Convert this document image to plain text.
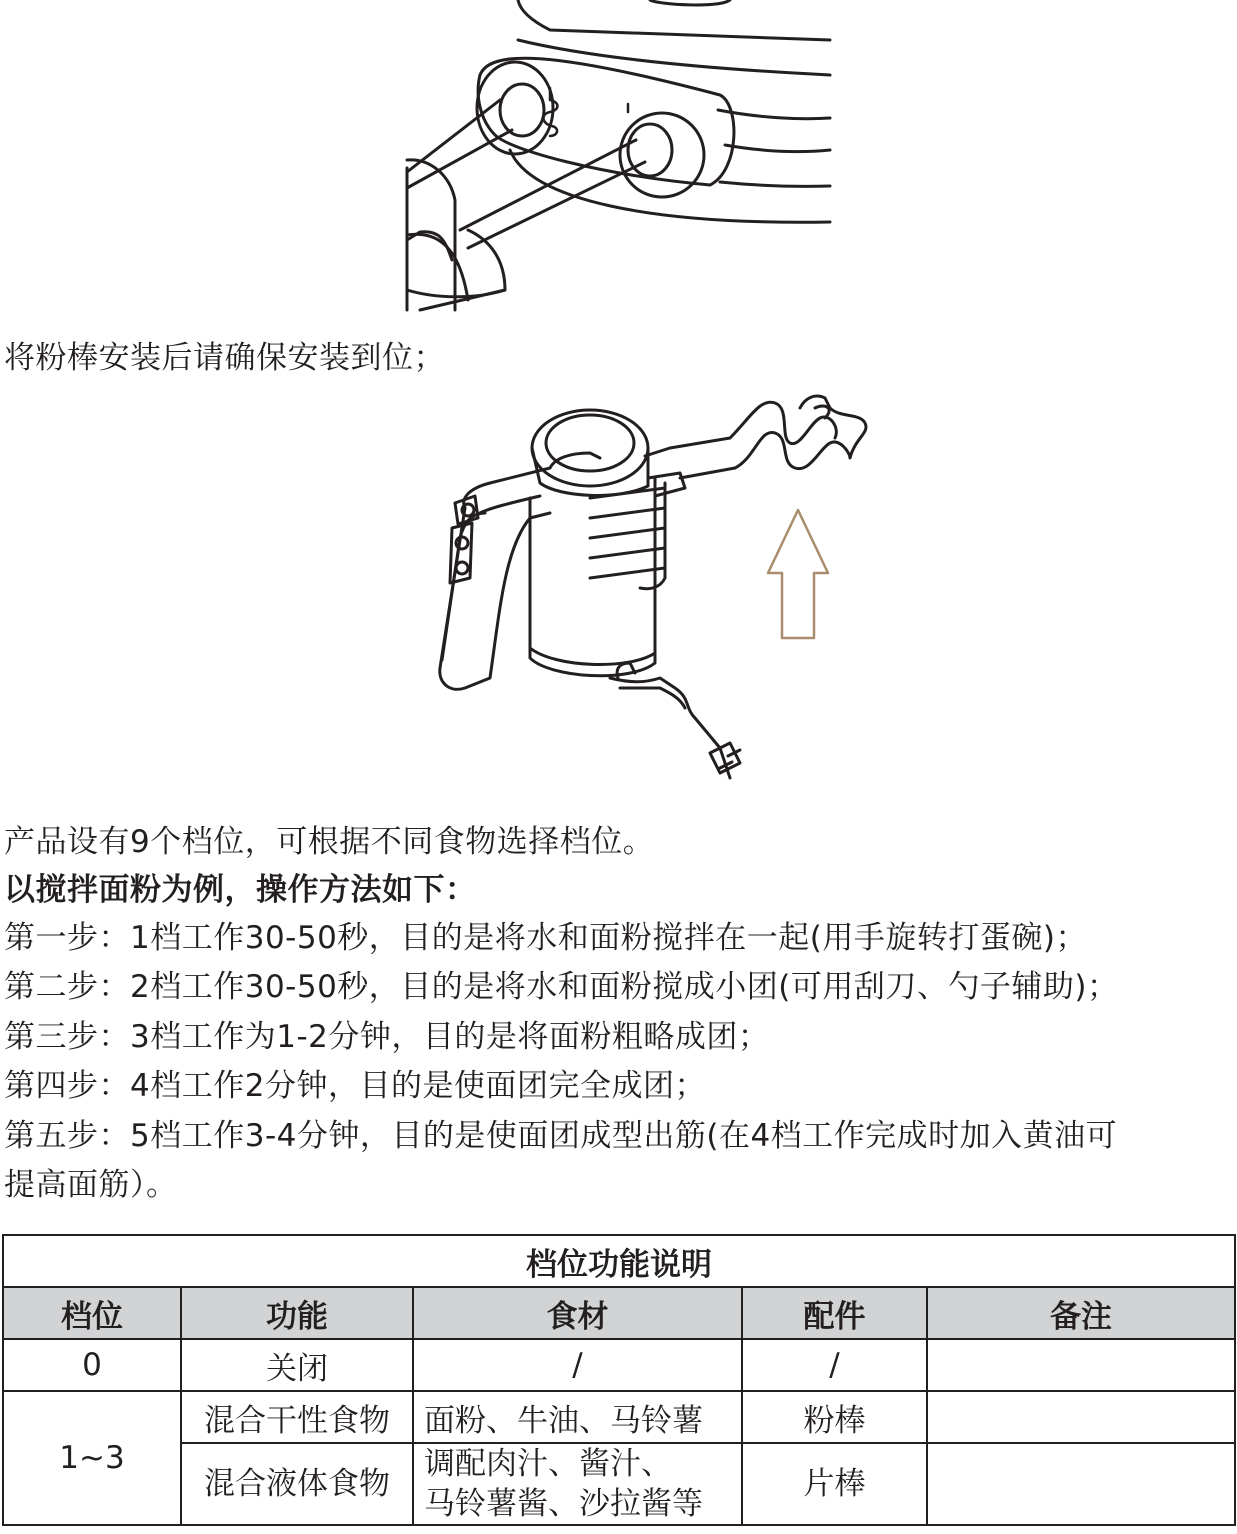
将粉棒安装后请确保安装到位；
产品设有9个档位，可根据不同食物选择档位。
以搅拌面粉为例，操作方法如下：
第一步：1档工作30-50秒，目的是将水和面粉搅拌在一起(用手旋转打蛋碗)；
第二步：2档工作30-50秒，目的是将水和面粉搅成小团(可用刮刀、勺子辅助)；
第三步：3档工作为1-2分钟，目的是将面粉粗略成团；
第四步：4档工作2分钟，目的是使面团完全成团；
第五步：5档工作3-4分钟，目的是使面团成型出筋(在4档工作完成时加入黄油可
提高面筋）。
档位功能说明				
档位	功能	食材	配件	备注
0	关闭	/	/	
1~3	混合干性食物	面粉、牛油、马铃薯	粉棒	
	混合液体食物	调配肉汁、酱汁、
马铃薯酱、沙拉酱等	片棒	
